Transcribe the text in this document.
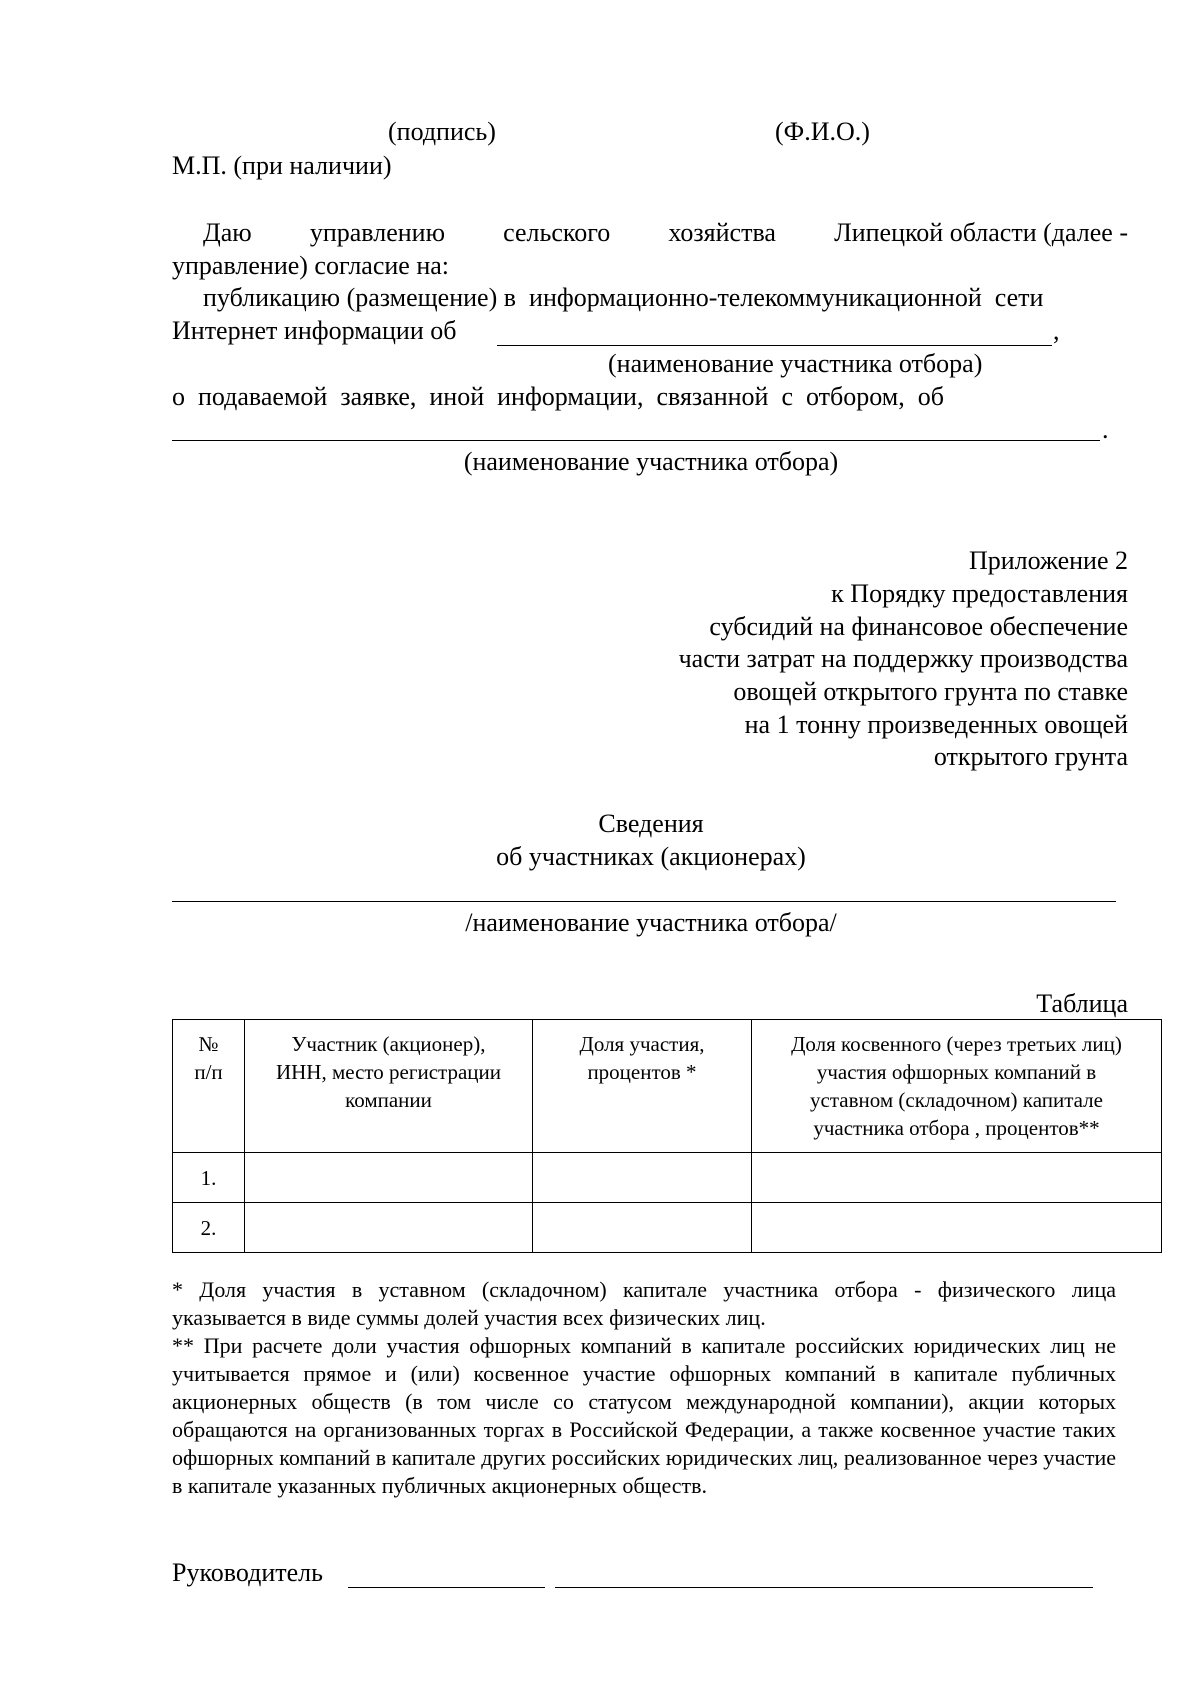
(подпись)	(Ф.И.О.)
М.П. (при наличии)
Даю управлению сельского хозяйства Липецкой области (далее -
управление) согласие на:
публикацию (размещение) в  информационно-телекоммуникационной  сети
Интернет информации об	,
(наименование участника отбора)
о  подаваемой  заявке,  иной  информации,  связанной  с  отбором,  об
.
(наименование участника отбора)
Приложение 2
к Порядку предоставления
субсидий на финансовое обеспечение
части затрат на поддержку производства
овощей открытого грунта по ставке
на 1 тонну произведенных овощей
открытого грунта
Сведения
об участниках (акционерах)
/наименование участника отбора/
Таблица
№
п/п	Участник (акционер),
ИНН, место регистрации
компании	Доля участия,
процентов *	Доля косвенного (через третьих лиц)
участия офшорных компаний в
уставном (складочном) капитале
участника отбора , процентов**
1.			
2.			

* Доля участия в уставном (складочном) капитале участника отбора - физического лица указывается в виде суммы долей участия всех физических лиц.

** При расчете доли участия офшорных компаний в капитале российских юридических лиц не учитывается прямое и (или) косвенное участие офшорных компаний в капитале публичных акционерных обществ (в том числе со статусом международной компании), акции которых обращаются на организованных торгах в Российской Федерации, а также косвенное участие таких офшорных компаний в капитале других российских юридических лиц, реализованное через участие в капитале указанных публичных акционерных обществ.

Руководитель
